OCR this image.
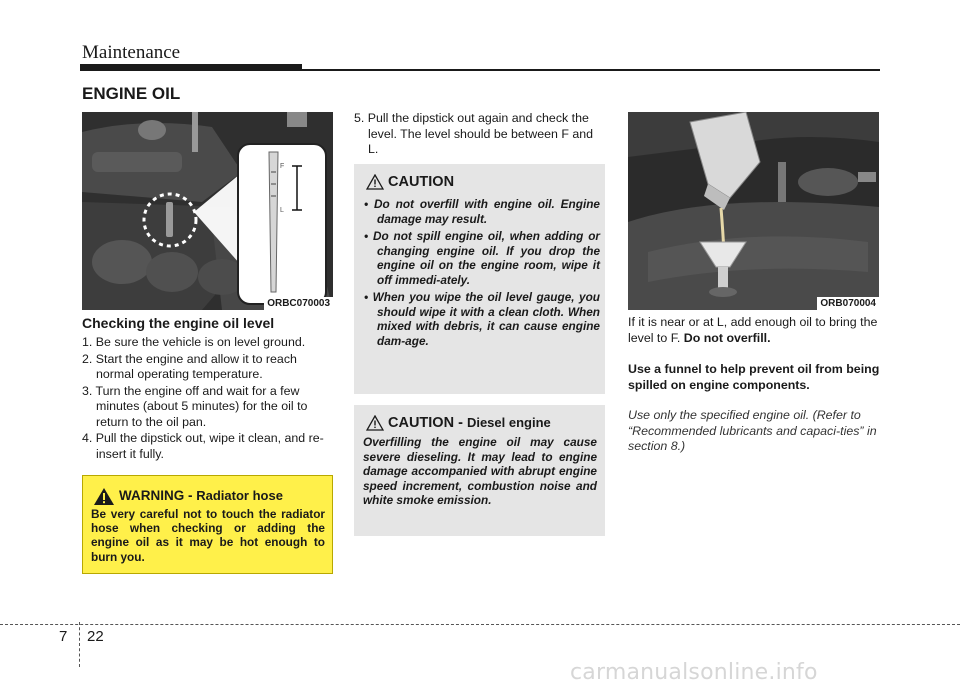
Maintenance
ENGINE OIL
F
L
ORBC070003
Checking the engine oil level
1. Be sure the vehicle is on level ground.
2. Start the engine and allow it to reach normal operating temperature.
3. Turn the engine off and wait for a few minutes (about 5 minutes) for the oil to return to the oil pan.
4. Pull the dipstick out, wipe it clean, and re-insert it fully.
WARNING - Radiator hose
Be very careful not to touch the radiator hose when checking or adding the engine oil as it may be hot enough to burn you.
5. Pull the dipstick out again and check the level. The level should be between F and L.
CAUTION
• Do not overfill with engine oil. Engine damage may result.
• Do not spill engine oil, when adding or changing engine oil. If you drop the engine oil on the engine room, wipe it off immedi-ately.
• When you wipe the oil level gauge, you should wipe it with a clean cloth. When mixed with debris, it can cause engine dam-age.
CAUTION - Diesel engine
Overfilling the engine oil may cause severe dieseling. It may lead to engine damage accompanied with abrupt engine speed increment, combustion noise and white smoke emission.
ORB070004
If it is near or at L, add enough oil to bring the level to F. Do not overfill.
Use a funnel to help prevent oil from being spilled on engine components.
Use only the specified engine oil. (Refer to “Recommended lubricants and capaci-ties” in section 8.)
7 22
carmanualsonline.info
